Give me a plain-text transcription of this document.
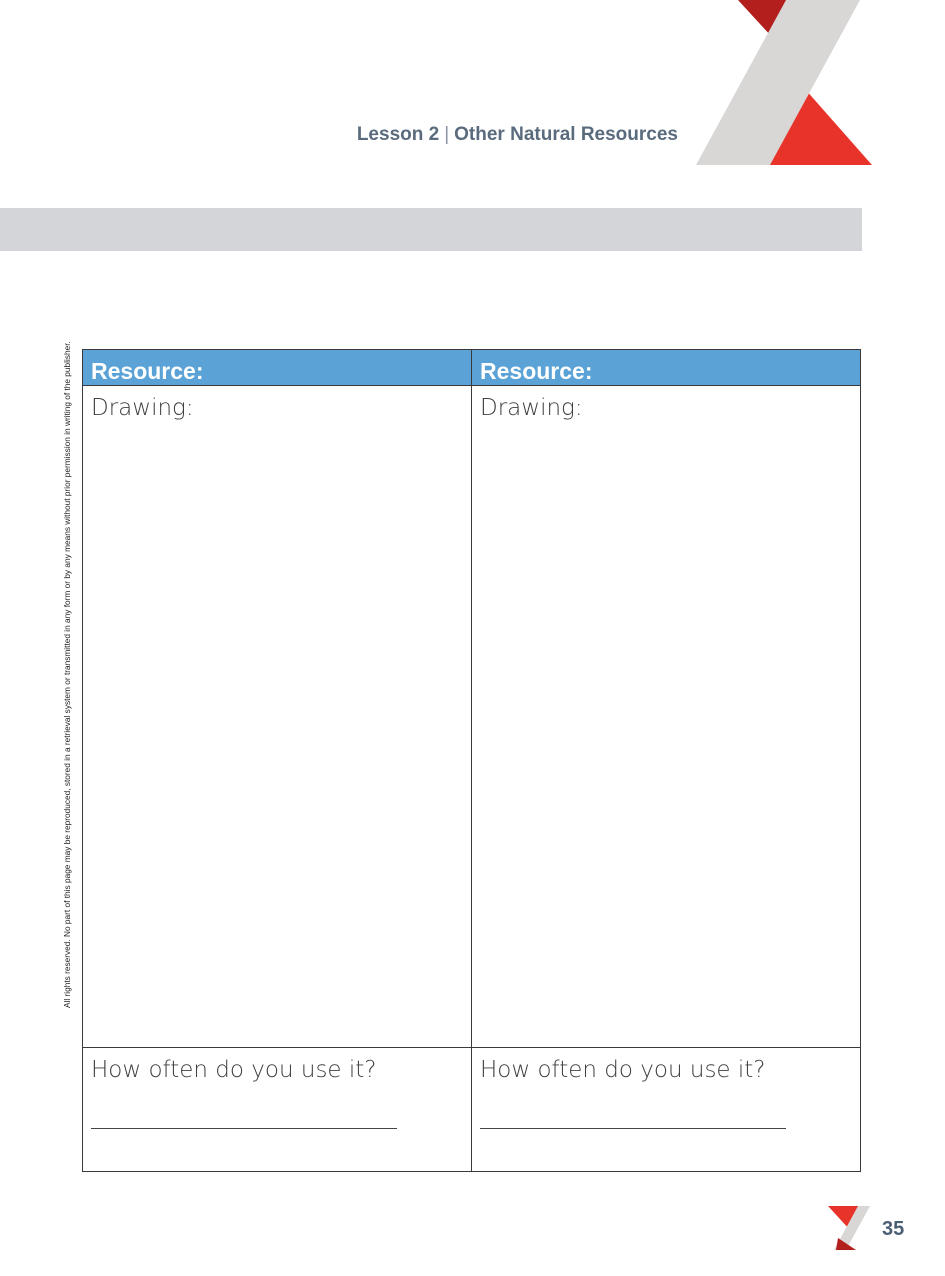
Lesson 2 | Other Natural Resources
All rights reserved. No part of this page may be reproduced, stored in a retrieval system or transmitted in any form or by any means without prior permission in writing of the publisher. Resource:	Resource:

Drawing:	Drawing:

How often do you use it?	How often do you use it?
35
